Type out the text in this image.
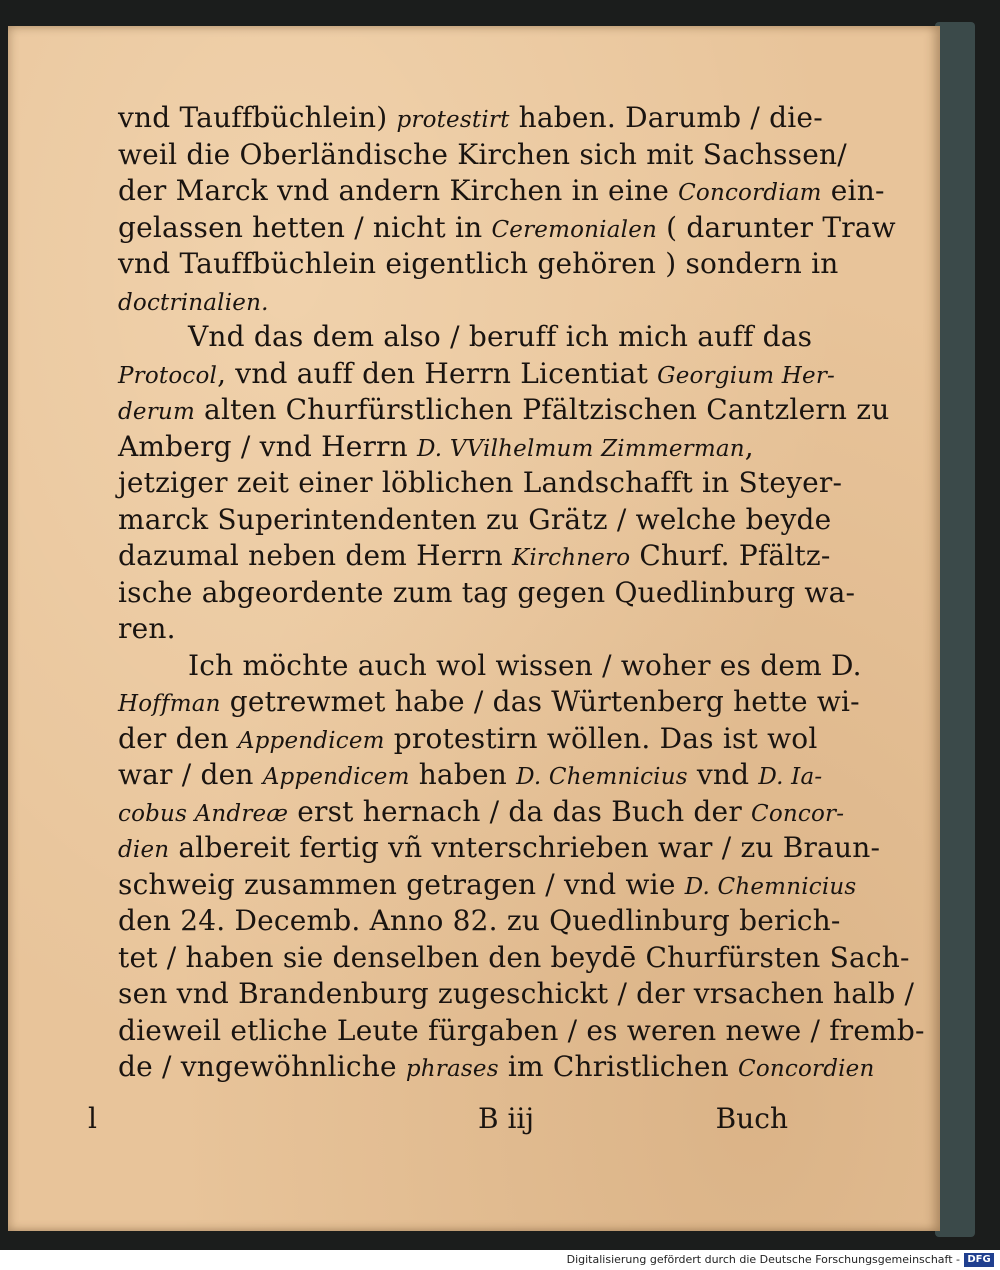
vnd Tauffbüchlein) protestirt haben. Darumb / die-
weil die Oberländische Kirchen sich mit Sachssen/
der Marck vnd andern Kirchen in eine Concordiam ein-
gelassen hetten / nicht in Ceremonialen ( darunter Traw
vnd Tauffbüchlein eigentlich gehören ) sondern in
doctrinalien.
Vnd das dem also / beruff ich mich auff das
Protocol, vnd auff den Herrn Licentiat Georgium Her-
derum alten Churfürstlichen Pfältzischen Cantzlern zu
Amberg / vnd Herrn D. VVilhelmum Zimmerman,
jetziger zeit einer löblichen Landschafft in Steyer-
marck Superintendenten zu Grätz / welche beyde
dazumal neben dem Herrn Kirchnero Churf. Pfältz-
ische abgeordente zum tag gegen Quedlinburg wa-
ren.
Ich möchte auch wol wissen / woher es dem D.
Hoffman getrewmet habe / das Würtenberg hette wi-
der den Appendicem protestirn wöllen. Das ist wol
war / den Appendicem haben D. Chemnicius vnd D. Ia-
cobus Andreæ erst hernach / da das Buch der Concor-
dien albereit fertig vñ vnterschrieben war / zu Braun-
schweig zusammen getragen / vnd wie D. Chemnicius
den 24. Decemb. Anno 82. zu Quedlinburg berich-
tet / haben sie denselben den beydē Churfürsten Sach-
sen vnd Brandenburg zugeschickt / der vrsachen halb /
dieweil etliche Leute fürgaben / es weren newe / fremb-
de / vngewöhnliche phrases im Christlichen Concordien
l	B iij	Buch
Digitalisierung gefördert durch die Deutsche Forschungsgemeinschaft - DFG
